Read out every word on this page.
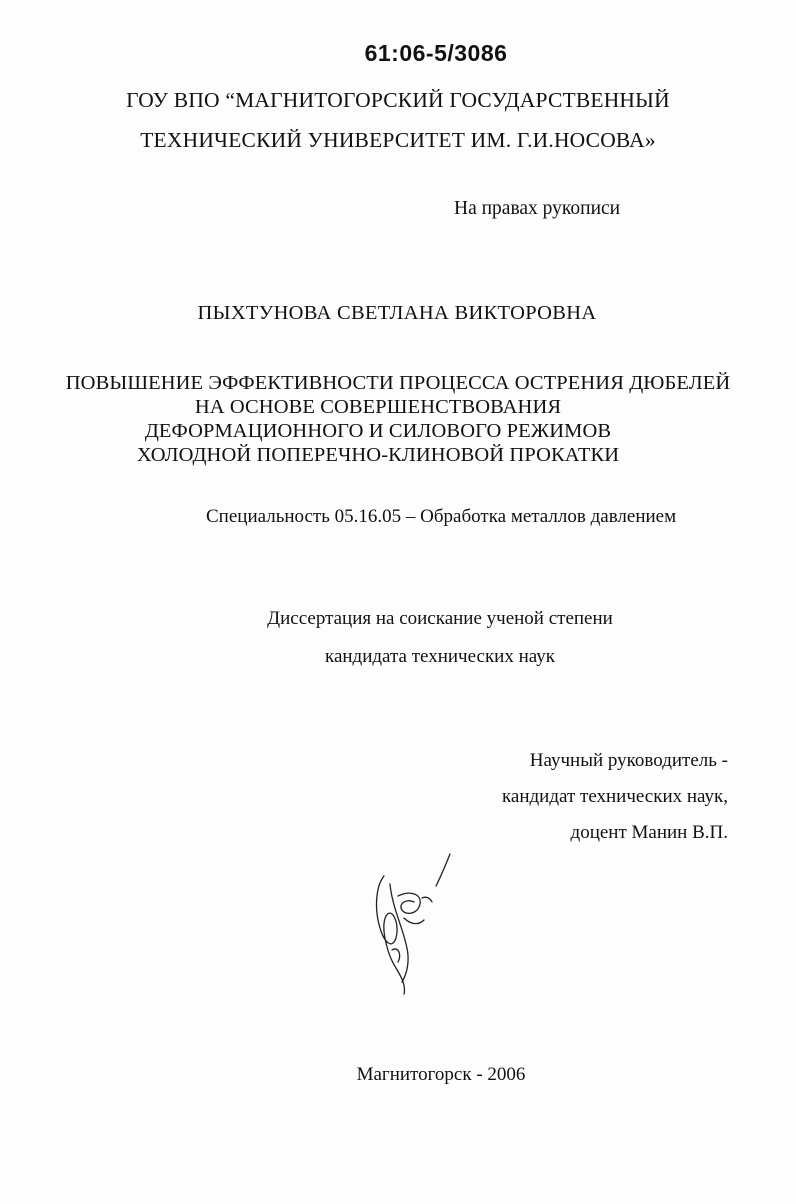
61:06-5/3086
ГОУ ВПО “МАГНИТОГОРСКИЙ ГОСУДАРСТВЕННЫЙ
ТЕХНИЧЕСКИЙ УНИВЕРСИТЕТ ИМ. Г.И.НОСОВА»
На правах рукописи
ПЫХТУНОВА СВЕТЛАНА ВИКТОРОВНА
ПОВЫШЕНИЕ ЭФФЕКТИВНОСТИ ПРОЦЕССА ОСТРЕНИЯ ДЮБЕЛЕЙ
НА ОСНОВЕ СОВЕРШЕНСТВОВАНИЯ
ДЕФОРМАЦИОННОГО И СИЛОВОГО РЕЖИМОВ
ХОЛОДНОЙ ПОПЕРЕЧНО-КЛИНОВОЙ ПРОКАТКИ
Специальность 05.16.05 – Обработка металлов давлением
Диссертация на соискание ученой степени
кандидата технических наук
Научный руководитель -
кандидат технических наук,
доцент Манин В.П.
Магнитогорск - 2006
